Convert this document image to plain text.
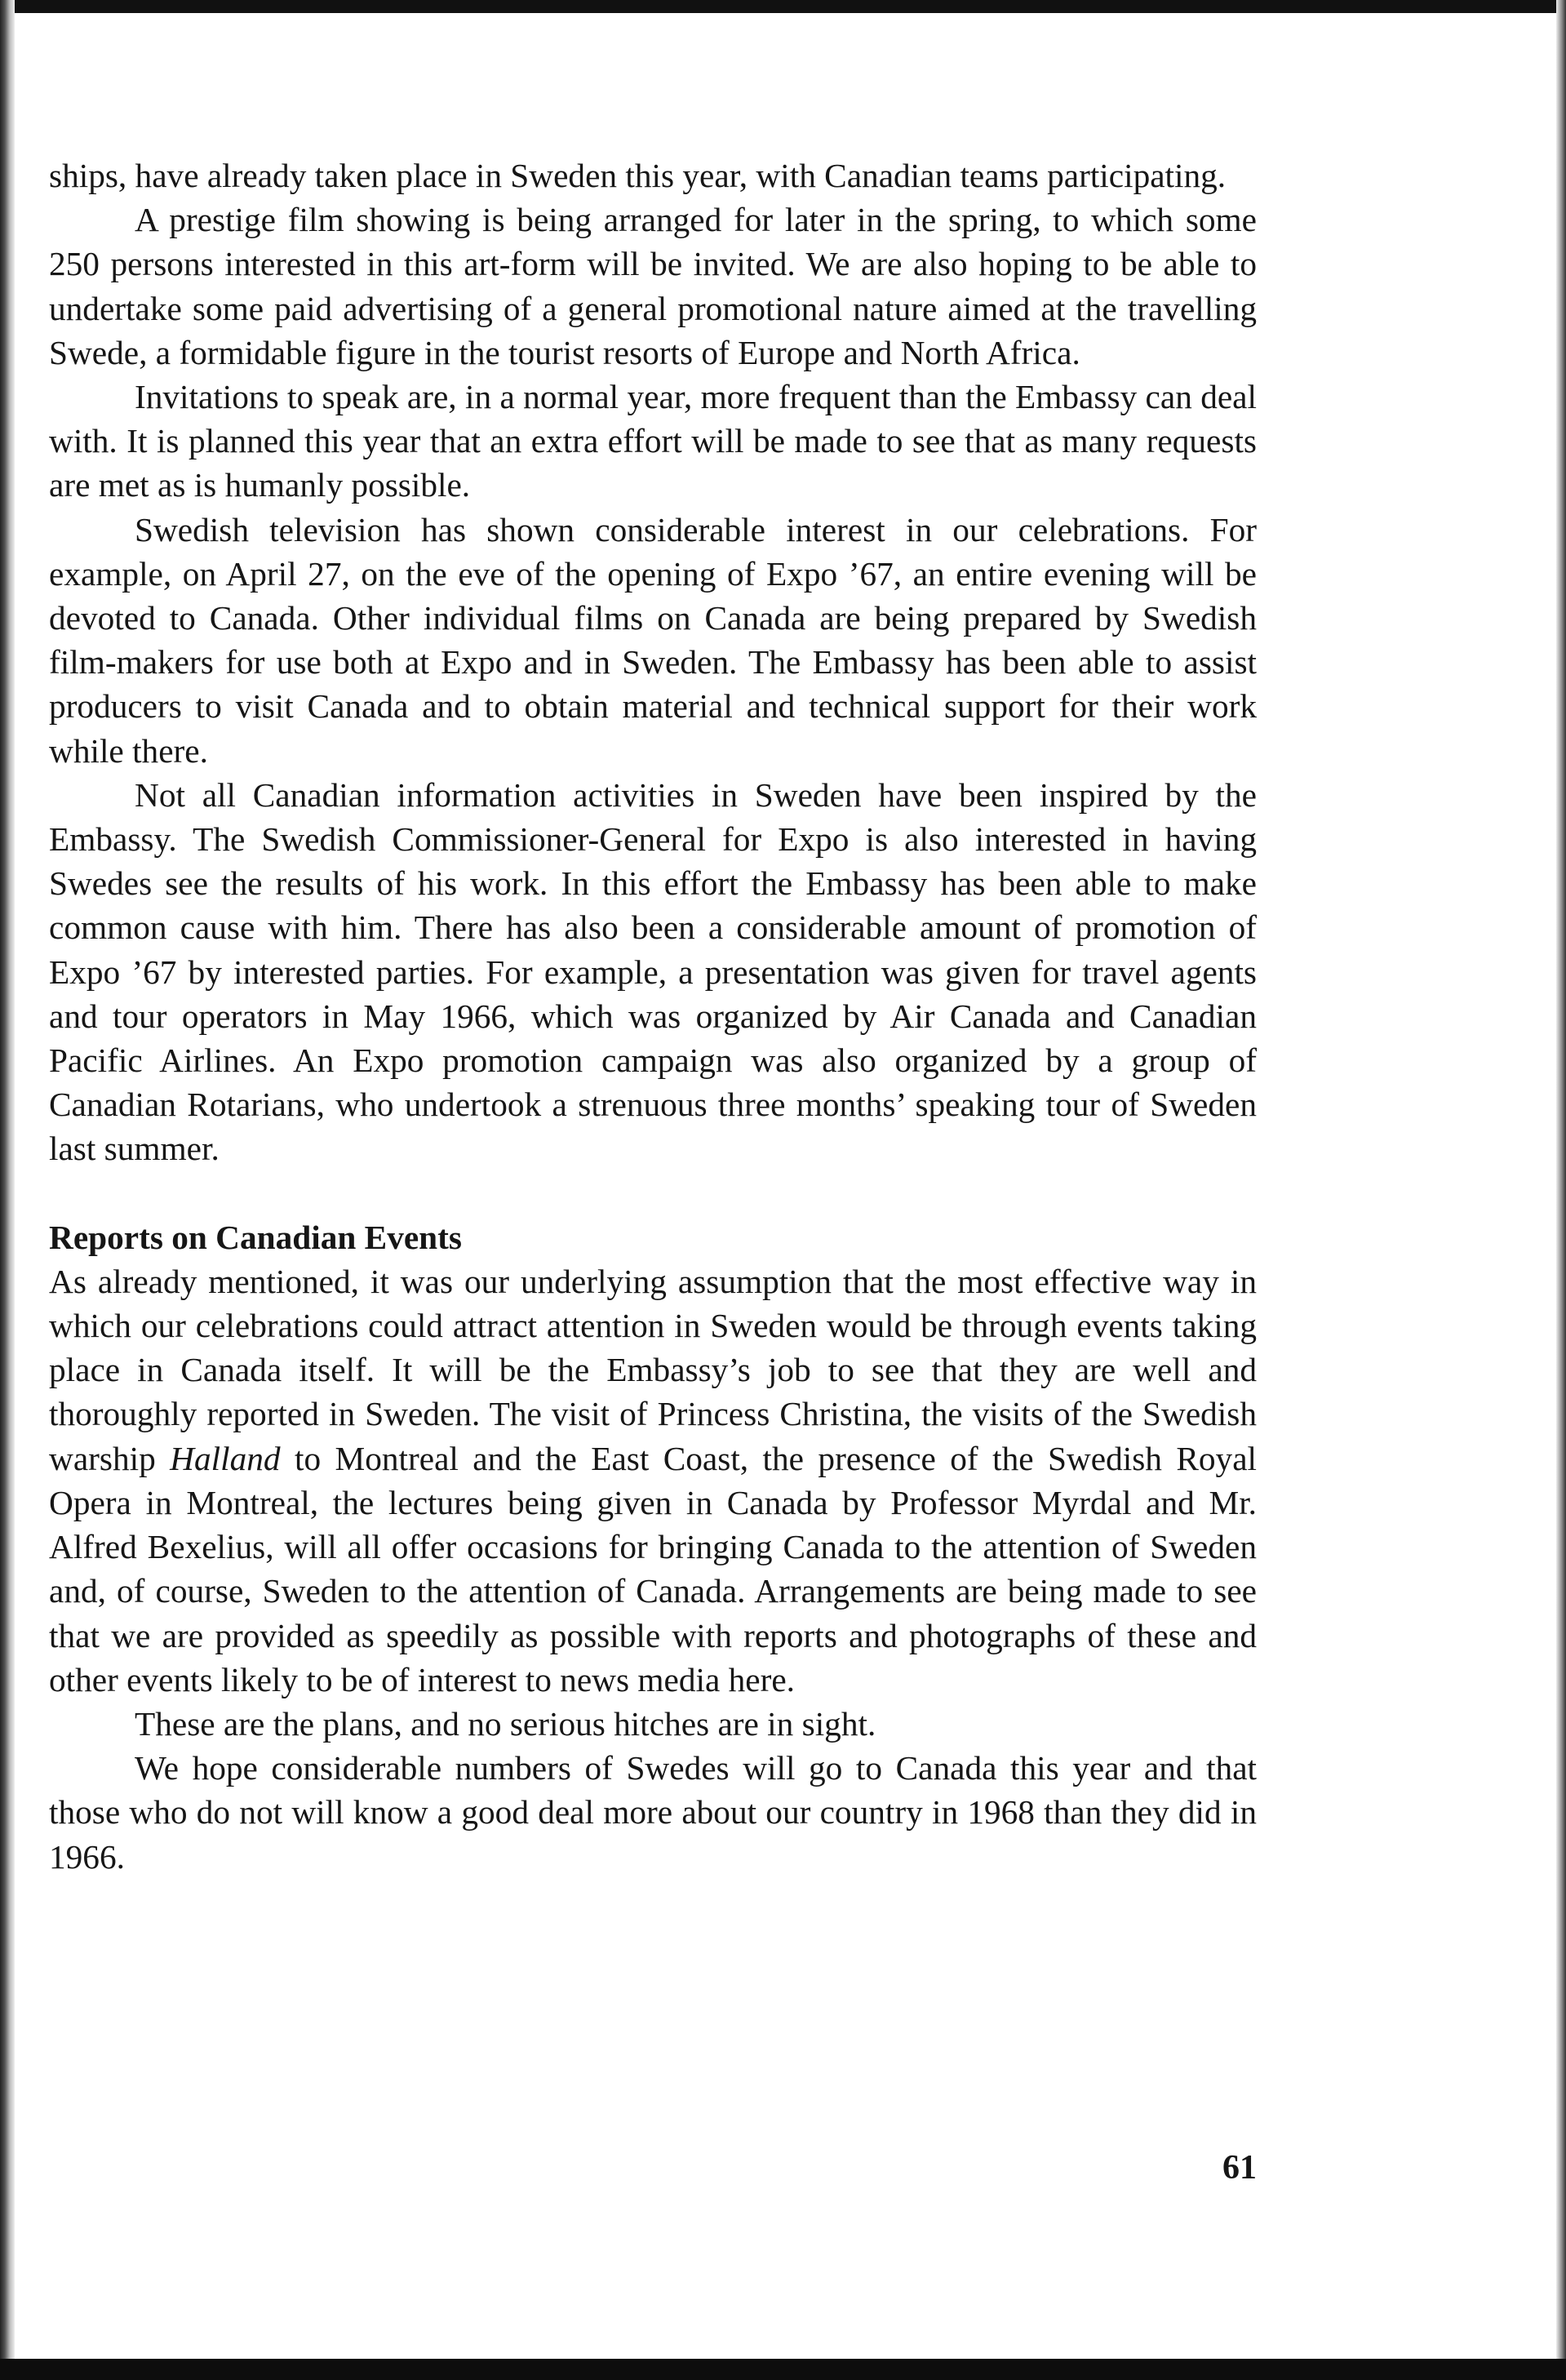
ships, have already taken place in Sweden this year, with Canadian teams participating.

A prestige film showing is being arranged for later in the spring, to which some 250 persons interested in this art-form will be invited. We are also hoping to be able to undertake some paid advertising of a general promotional nature aimed at the travelling Swede, a formidable figure in the tourist resorts of Europe and North Africa.

Invitations to speak are, in a normal year, more frequent than the Embassy can deal with. It is planned this year that an extra effort will be made to see that as many requests are met as is humanly possible.

Swedish television has shown considerable interest in our celebrations. For example, on April 27, on the eve of the opening of Expo ’67, an entire evening will be devoted to Canada. Other individual films on Canada are being prepared by Swedish film-makers for use both at Expo and in Sweden. The Embassy has been able to assist producers to visit Canada and to obtain material and technical support for their work while there.

Not all Canadian information activities in Sweden have been inspired by the Embassy. The Swedish Commissioner-General for Expo is also interested in having Swedes see the results of his work. In this effort the Embassy has been able to make common cause with him. There has also been a considerable amount of promotion of Expo ’67 by interested parties. For example, a presentation was given for travel agents and tour operators in May 1966, which was organized by Air Canada and Canadian Pacific Airlines. An Expo promotion campaign was also organized by a group of Canadian Rotarians, who undertook a strenuous three months’ speaking tour of Sweden last summer.

Reports on Canadian Events

As already mentioned, it was our underlying assumption that the most effective way in which our celebrations could attract attention in Sweden would be through events taking place in Canada itself. It will be the Embassy’s job to see that they are well and thoroughly reported in Sweden. The visit of Princess Christina, the visits of the Swedish warship Halland to Montreal and the East Coast, the presence of the Swedish Royal Opera in Montreal, the lectures being given in Canada by Professor Myrdal and Mr. Alfred Bexelius, will all offer occasions for bringing Canada to the attention of Sweden and, of course, Sweden to the attention of Canada. Arrangements are being made to see that we are provided as speedily as possible with reports and photographs of these and other events likely to be of interest to news media here.

These are the plans, and no serious hitches are in sight.

We hope considerable numbers of Swedes will go to Canada this year and that those who do not will know a good deal more about our country in 1968 than they did in 1966.

61
